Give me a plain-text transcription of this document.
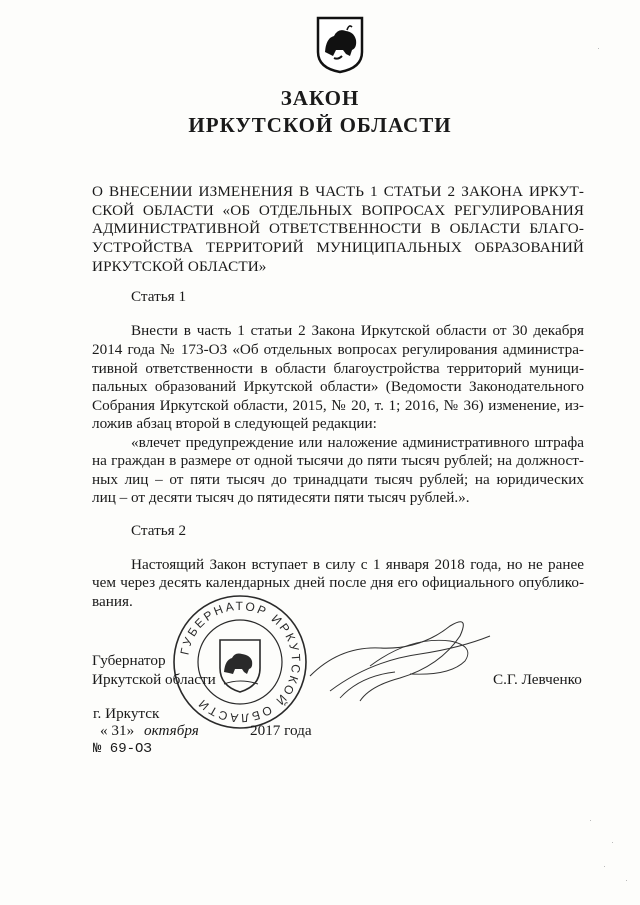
ЗАКОН
ИРКУТСКОЙ ОБЛАСТИ
О ВНЕСЕНИИ ИЗМЕНЕНИЯ В ЧАСТЬ 1 СТАТЬИ 2 ЗАКОНА ИРКУТ-
СКОЙ ОБЛАСТИ «ОБ ОТДЕЛЬНЫХ ВОПРОСАХ РЕГУЛИРОВАНИЯ
АДМИНИСТРАТИВНОЙ ОТВЕТСТВЕННОСТИ В ОБЛАСТИ БЛАГО-
УСТРОЙСТВА ТЕРРИТОРИЙ МУНИЦИПАЛЬНЫХ ОБРАЗОВАНИЙ
ИРКУТСКОЙ ОБЛАСТИ»
Статья 1
Внести в часть 1 статьи 2 Закона Иркутской области от 30 декабря
2014 года № 173-ОЗ «Об отдельных вопросах регулирования администра-
тивной ответственности в области благоустройства территорий муници-
пальных образований Иркутской области» (Ведомости Законодательного
Собрания Иркутской области, 2015, № 20, т. 1; 2016, № 36) изменение, из-
ложив абзац второй в следующей редакции:
«влечет предупреждение или наложение административного штрафа
на граждан в размере от одной тысячи до пяти тысяч рублей; на должност-
ных лиц – от пяти тысяч до тринадцати тысяч рублей; на юридических
лиц – от десяти тысяч до пятидесяти пяти тысяч рублей.».
Статья 2
Настоящий Закон вступает в силу с 1 января 2018 года, но не ранее
чем через десять календарных дней после дня его официального опублико-
вания.
ГУБЕРНАТОР ИРКУТСКОЙ ОБЛАСТИ
Губернатор
Иркутской области	С.Г. Левченко
г. Иркутск
« 31» октября	2017 года
№ 69-ОЗ
